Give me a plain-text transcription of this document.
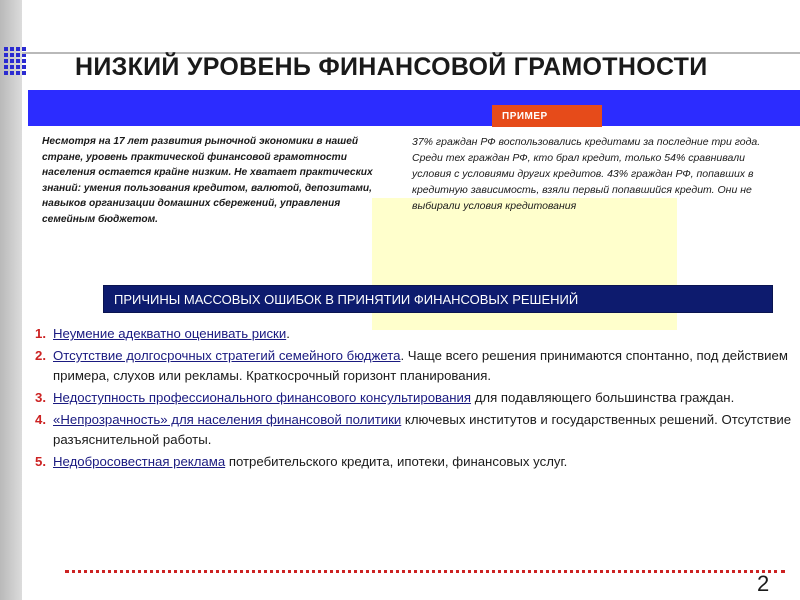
НИЗКИЙ УРОВЕНЬ ФИНАНСОВОЙ ГРАМОТНОСТИ
ПРИМЕР
Несмотря на 17 лет развития рыночной экономики в нашей стране, уровень практической финансовой грамотности населения остается крайне низким. Не хватает практических знаний: умения пользования кредитом, валютой, депозитами, навыков организации домашних сбережений, управления семейным бюджетом.
37% граждан РФ воспользовались кредитами за последние три года. Среди тех граждан РФ, кто брал кредит, только 54% сравнивали условия с условиями других кредитов. 43% граждан РФ, попавших в кредитную зависимость, взяли первый попавшийся кредит. Они не выбирали условия кредитования
ПРИЧИНЫ МАССОВЫХ ОШИБОК В ПРИНЯТИИ ФИНАНСОВЫХ РЕШЕНИЙ
1. Неумение адекватно оценивать риски.
2. Отсутствие долгосрочных стратегий семейного бюджета. Чаще всего решения принимаются спонтанно, под действием примера, слухов или рекламы. Краткосрочный горизонт планирования.
3. Недоступность профессионального финансового консультирования для подавляющего большинства граждан.
4. «Непрозрачность» для населения финансовой политики ключевых институтов и государственных решений. Отсутствие разъяснительной работы.
5. Недобросовестная реклама потребительского кредита, ипотеки, финансовых услуг.
2
